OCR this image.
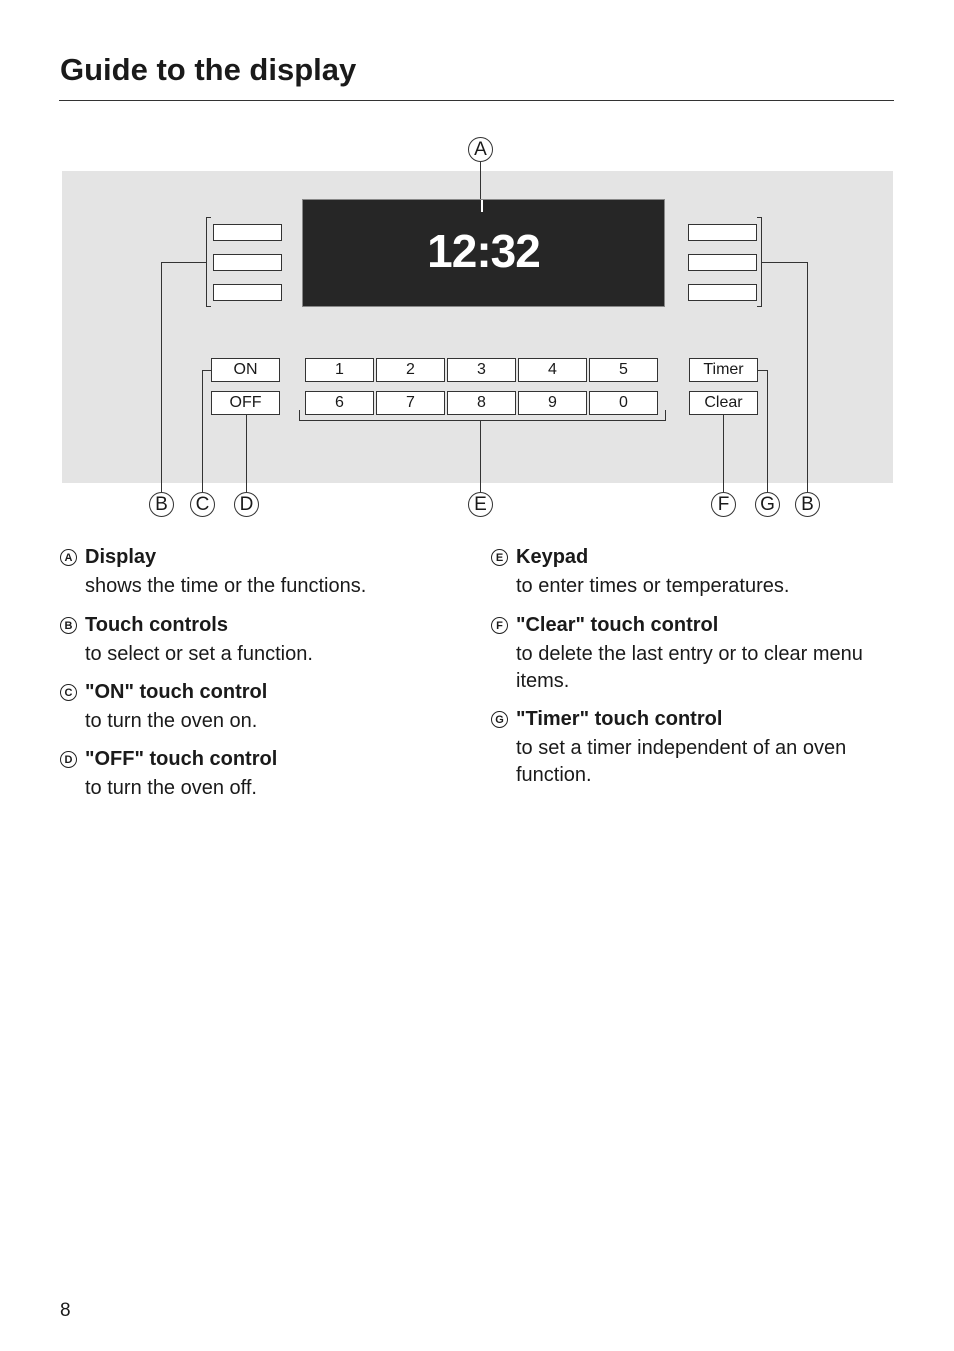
Guide to the display
A
12:32
ON
OFF
1	2	3	4	5
6	7	8	9	0
Timer
Clear
B	C D	E	F	G	B
A Display
shows the time or the functions.
B Touch controls
to select or set a function.
C "ON" touch control
to turn the oven on.
D "OFF" touch control
to turn the oven off.
E Keypad
to enter times or temperatures.
F "Clear" touch control
to delete the last entry or to clear menu items.
G "Timer" touch control
to set a timer independent of an oven function.
8
